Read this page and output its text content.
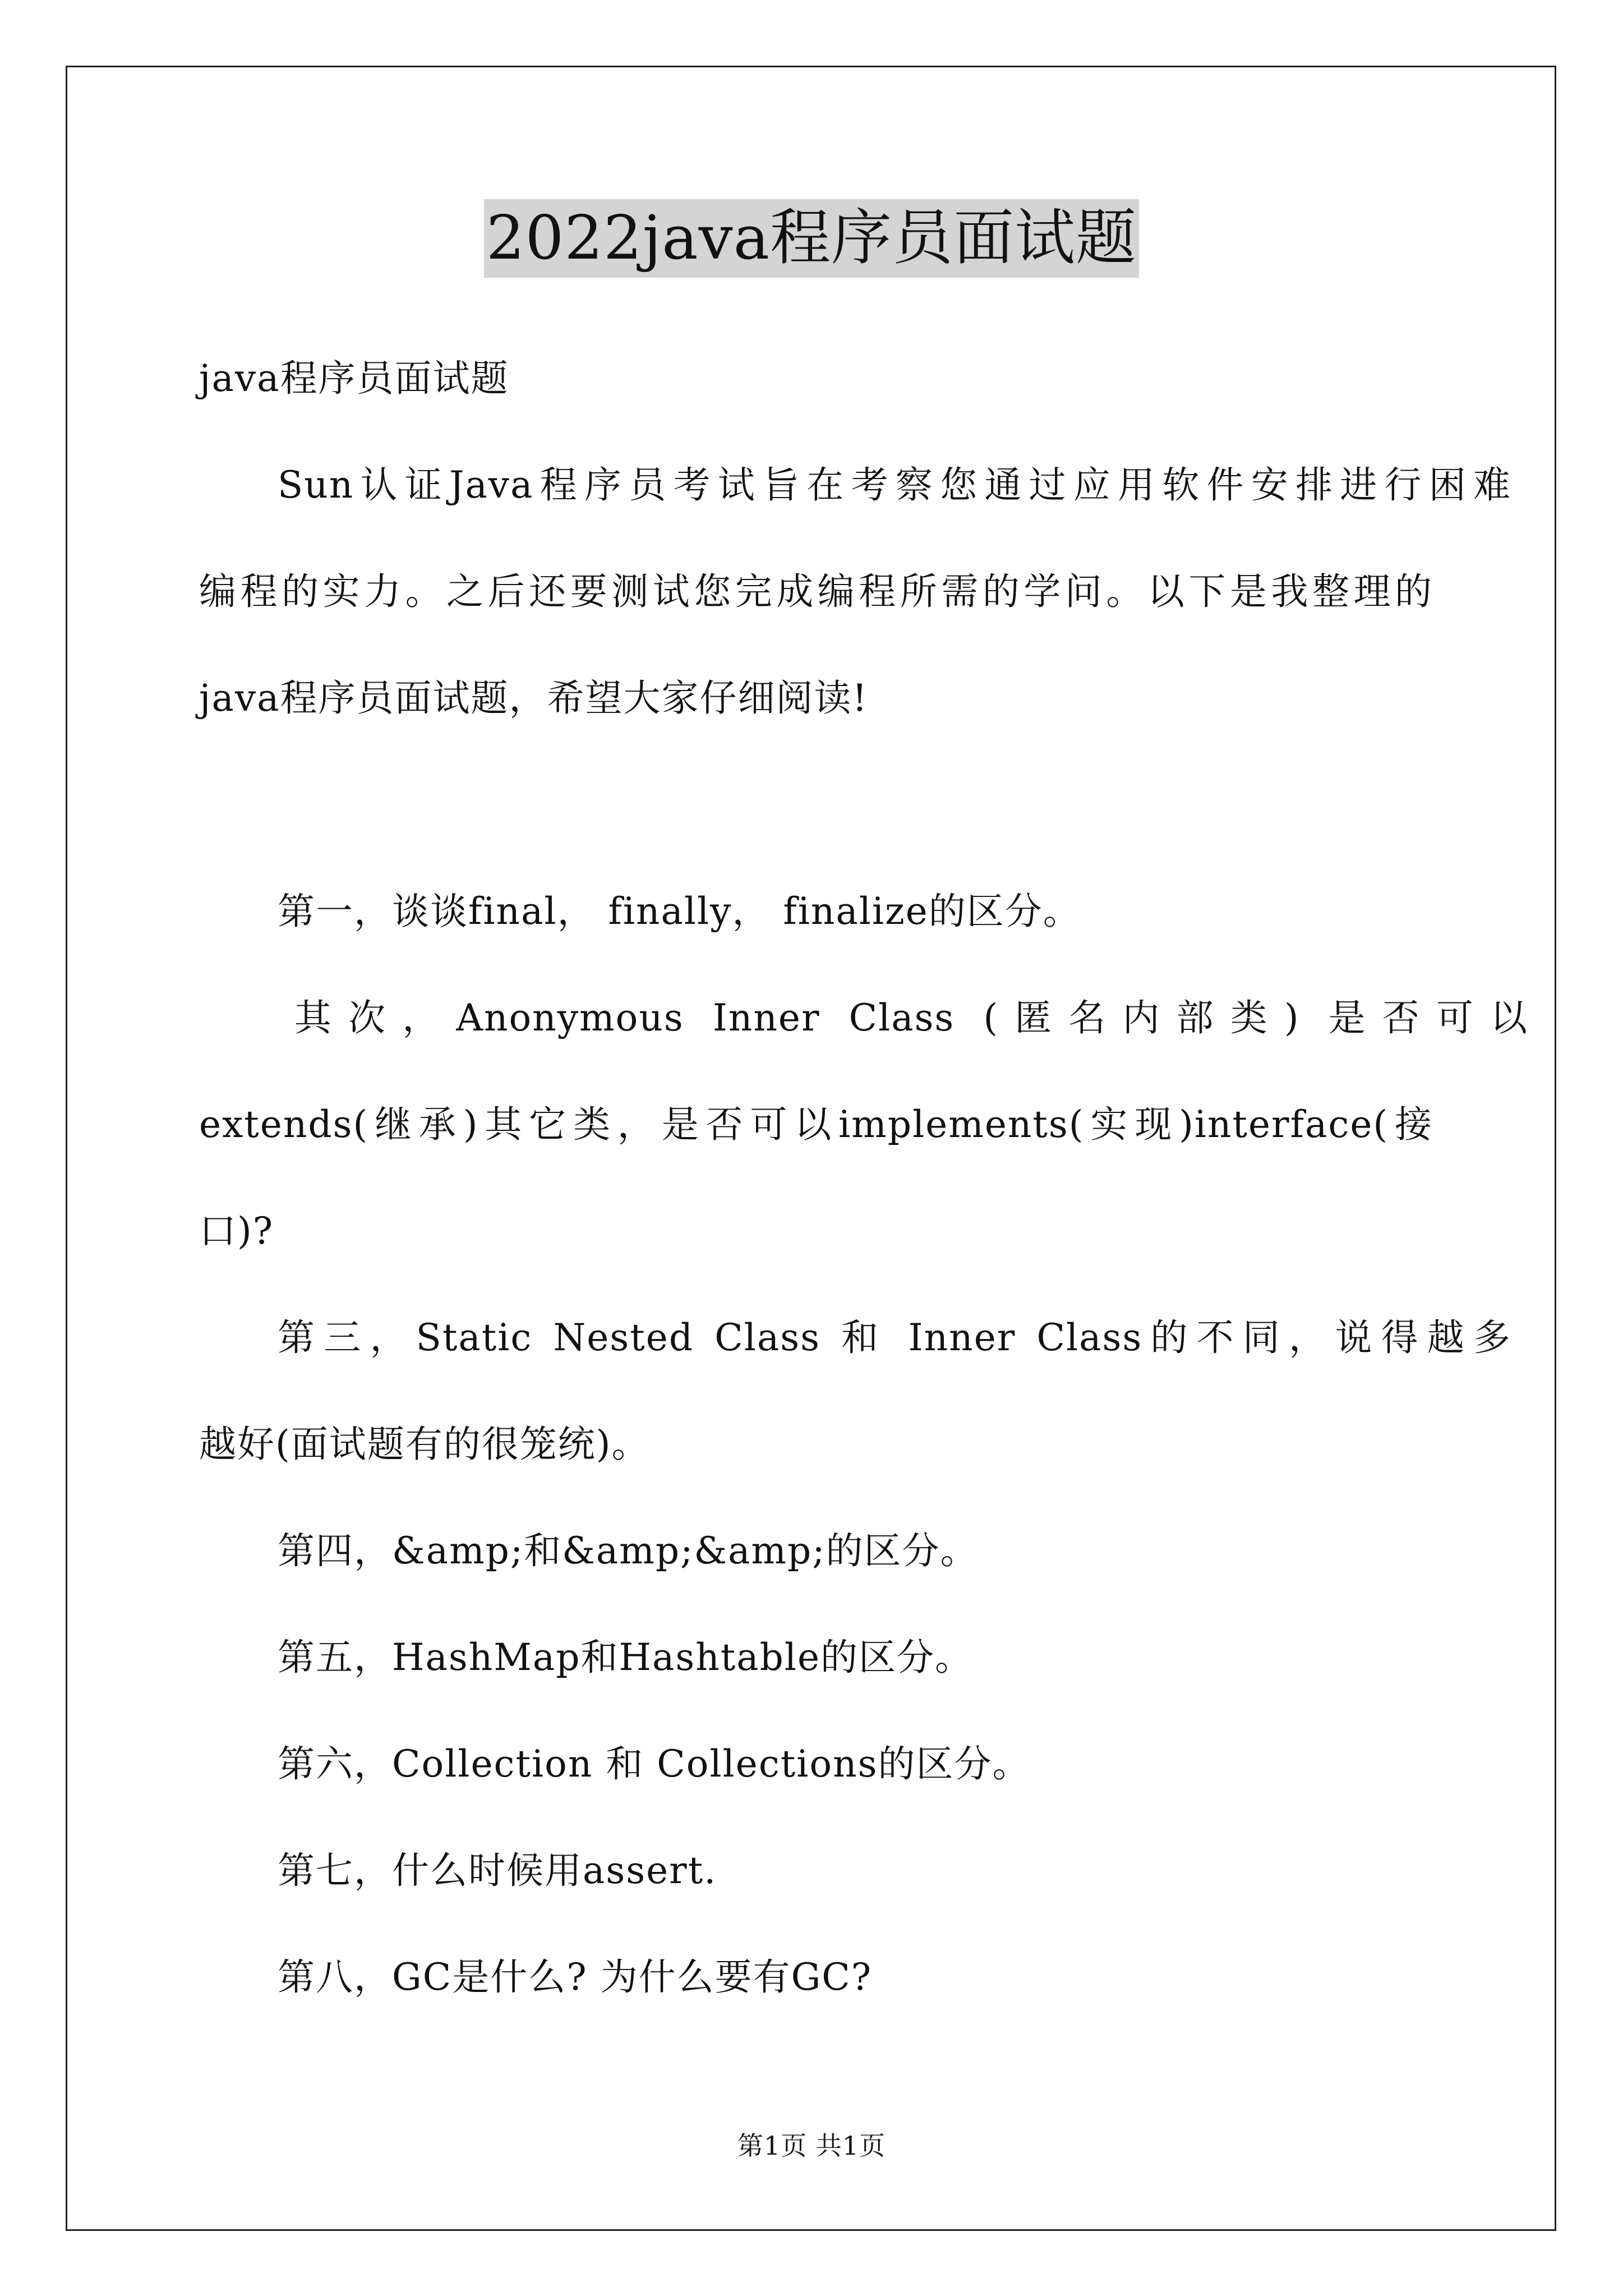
2022java程序员面试题
java程序员面试题
Sun认证Java程序员考试旨在考察您通过应用软件安排进行困难
编程的实力。之后还要测试您完成编程所需的学问。以下是我整理的
java程序员面试题，希望大家仔细阅读!
第一，谈谈final， finally， finalize的区分。
其次，Anonymous Inner Class (匿名内部类) 是否可以
extends(继承)其它类，是否可以implements(实现)interface(接
口)?
第三，Static Nested Class 和 Inner Class的不同，说得越多
越好(面试题有的很笼统)。
第四，&amp;和&amp;&amp;的区分。
第五，HashMap和Hashtable的区分。
第六，Collection 和 Collections的区分。
第七，什么时候用assert.
第八，GC是什么? 为什么要有GC?
第1页 共1页
